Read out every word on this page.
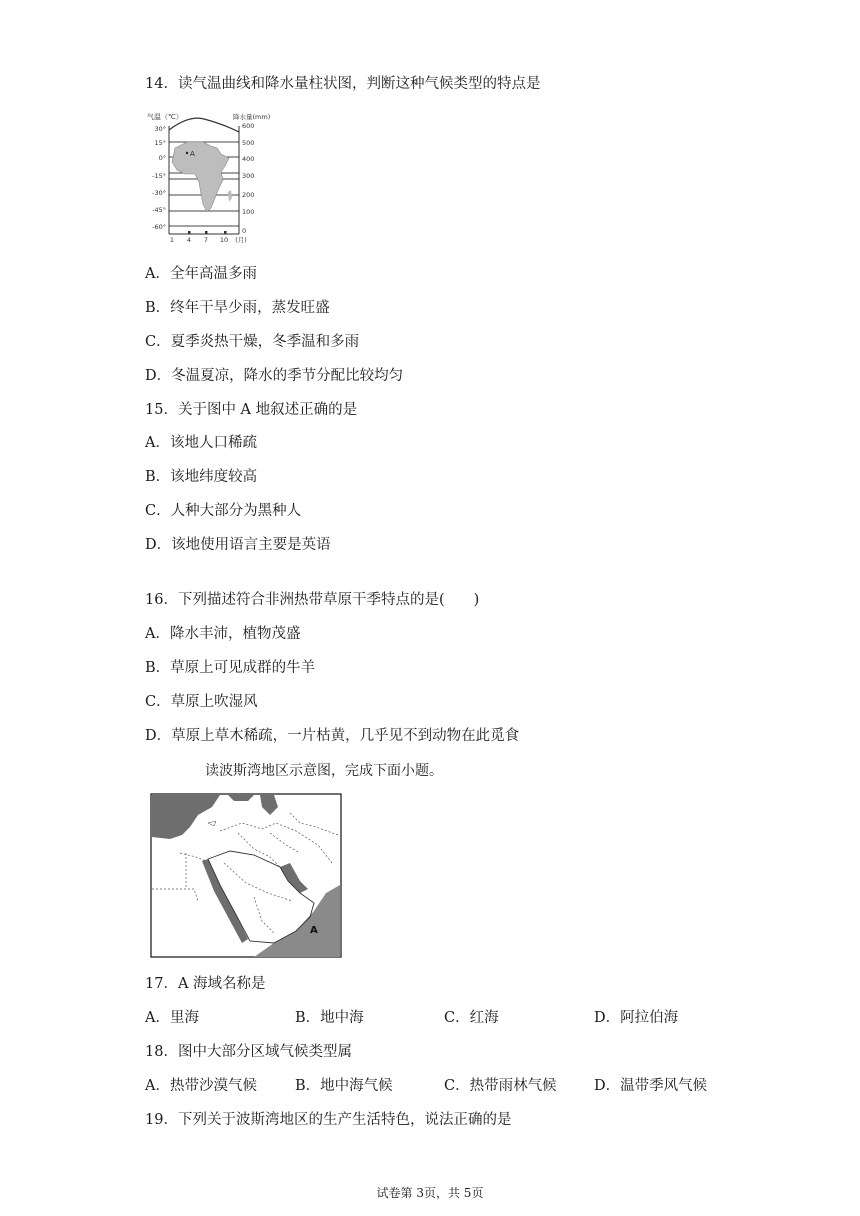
14．读气温曲线和降水量柱状图，判断这种气候类型的特点是
气温（℃）	降水量(mm)
A
30°
15°
0°
-15°
-30°
-45°
-60°
600
500
400
300
200
100
0
1 4 7 10 (月)
A．全年高温多雨
B．终年干旱少雨，蒸发旺盛
C．夏季炎热干燥，冬季温和多雨
D．冬温夏凉，降水的季节分配比较均匀
15．关于图中 A 地叙述正确的是
A．该地人口稀疏
B．该地纬度较高
C．人种大部分为黑种人
D．该地使用语言主要是英语
16．下列描述符合非洲热带草原干季特点的是(　　)
A．降水丰沛，植物茂盛
B．草原上可见成群的牛羊
C．草原上吹湿风
D．草原上草木稀疏，一片枯黄，几乎见不到动物在此觅食
读波斯湾地区示意图，完成下面小题。
A
17．A 海域名称是
A．里海	B．地中海	C．红海	D．阿拉伯海
18．图中大部分区域气候类型属
A．热带沙漠气候	B．地中海气候	C．热带雨林气候	D．温带季风气候
19．下列关于波斯湾地区的生产生活特色，说法正确的是
试卷第 3页，共 5页
